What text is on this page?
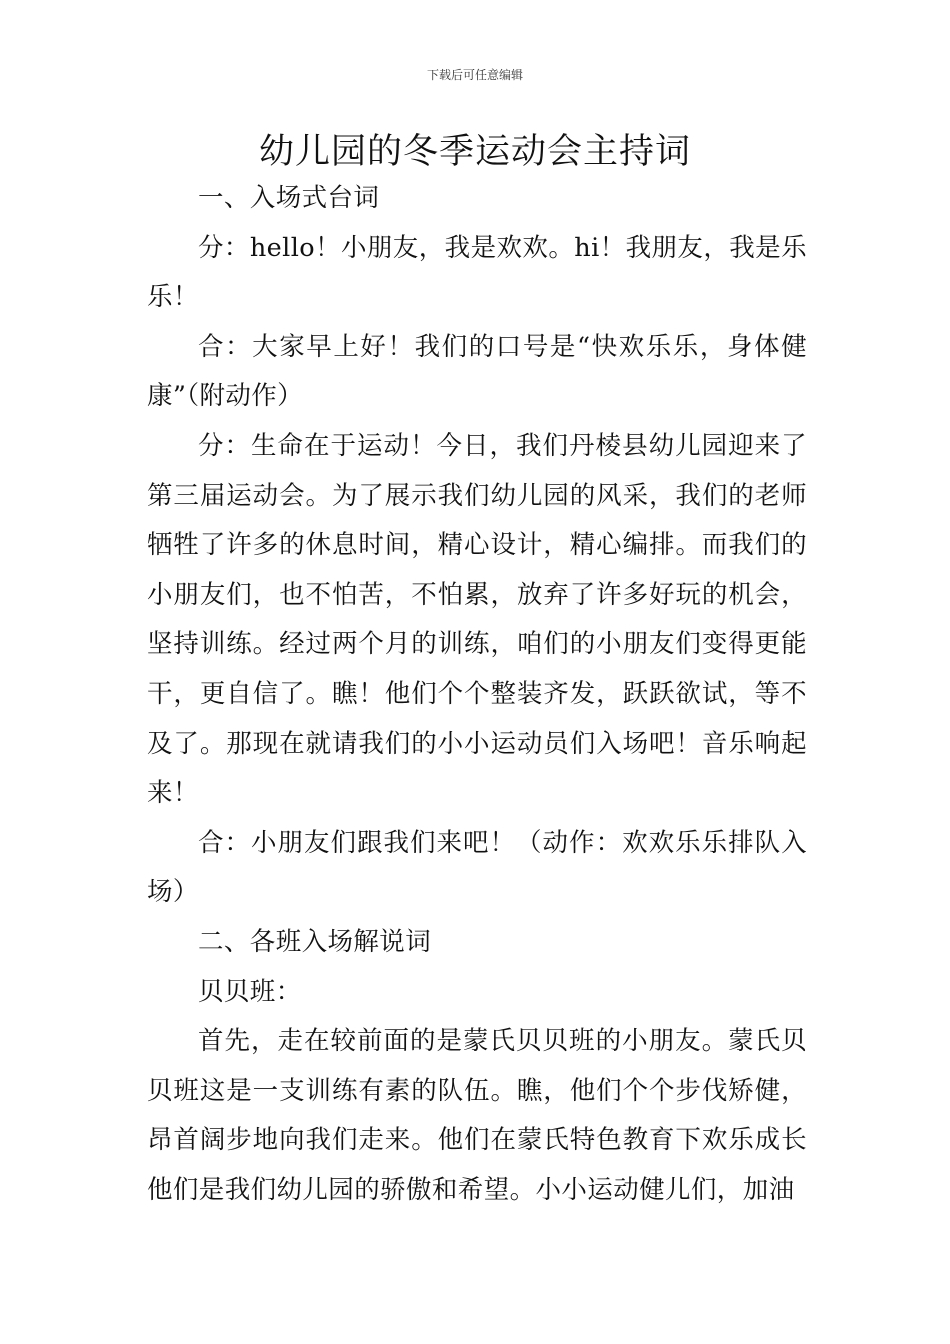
下载后可任意编辑
幼儿园的冬季运动会主持词

一、入场式台词

分：hello！小朋友，我是欢欢。hi！我朋友，我是乐乐！

合：大家早上好！我们的口号是“快欢乐乐，身体健康”（附动作）

分：生命在于运动！今日，我们丹棱县幼儿园迎来了第三届运动会。为了展示我们幼儿园的风采，我们的老师牺牲了许多的休息时间，精心设计，精心编排。而我们的小朋友们，也不怕苦，不怕累，放弃了许多好玩的机会，坚持训练。经过两个月的训练，咱们的小朋友们变得更能干，更自信了。瞧！他们个个整装齐发，跃跃欲试，等不及了。那现在就请我们的小小运动员们入场吧！音乐响起来！

合：小朋友们跟我们来吧！（动作：欢欢乐乐排队入场）

二、各班入场解说词

贝贝班：

首先，走在较前面的是蒙氏贝贝班的小朋友。蒙氏贝贝班这是一支训练有素的队伍。瞧，他们个个步伐矫健，昂首阔步地向我们走来。他们在蒙氏特色教育下欢乐成长他们是我们幼儿园的骄傲和希望。小小运动健儿们，加油
